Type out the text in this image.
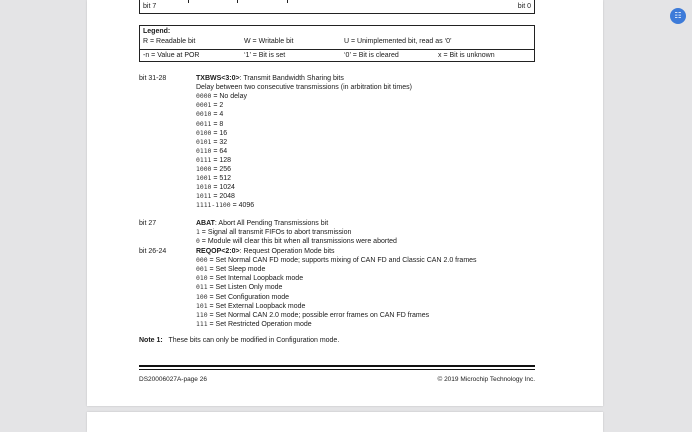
bit 7	bit 0
Legend:
R = Readable bit	W = Writable bit	U = Unimplemented bit, read as ‘0’
-n = Value at POR	‘1’ = Bit is set	‘0’ = Bit is cleared	x = Bit is unknown
bit 31-28	TXBWS<3:0>: Transmit Bandwidth Sharing bits
Delay between two consecutive transmissions (in arbitration bit times)
0000 = No delay
0001 = 2
0010 = 4
0011 = 8
0100 = 16
0101 = 32
0110 = 64
0111 = 128
1000 = 256
1001 = 512
1010 = 1024
1011 = 2048
1111-1100 = 4096
bit 27	ABAT: Abort All Pending Transmissions bit
1 = Signal all transmit FIFOs to abort transmission
0 = Module will clear this bit when all transmissions were aborted
bit 26-24	REQOP<2:0>: Request Operation Mode bits
000 = Set Normal CAN FD mode; supports mixing of CAN FD and Classic CAN 2.0 frames
001 = Set Sleep mode
010 = Set Internal Loopback mode
011 = Set Listen Only mode
100 = Set Configuration mode
101 = Set External Loopback mode
110 = Set Normal CAN 2.0 mode; possible error frames on CAN FD frames
111 = Set Restricted Operation mode
Note 1: These bits can only be modified in Configuration mode.
DS20006027A-page 26	© 2019 Microchip Technology Inc.
☷
